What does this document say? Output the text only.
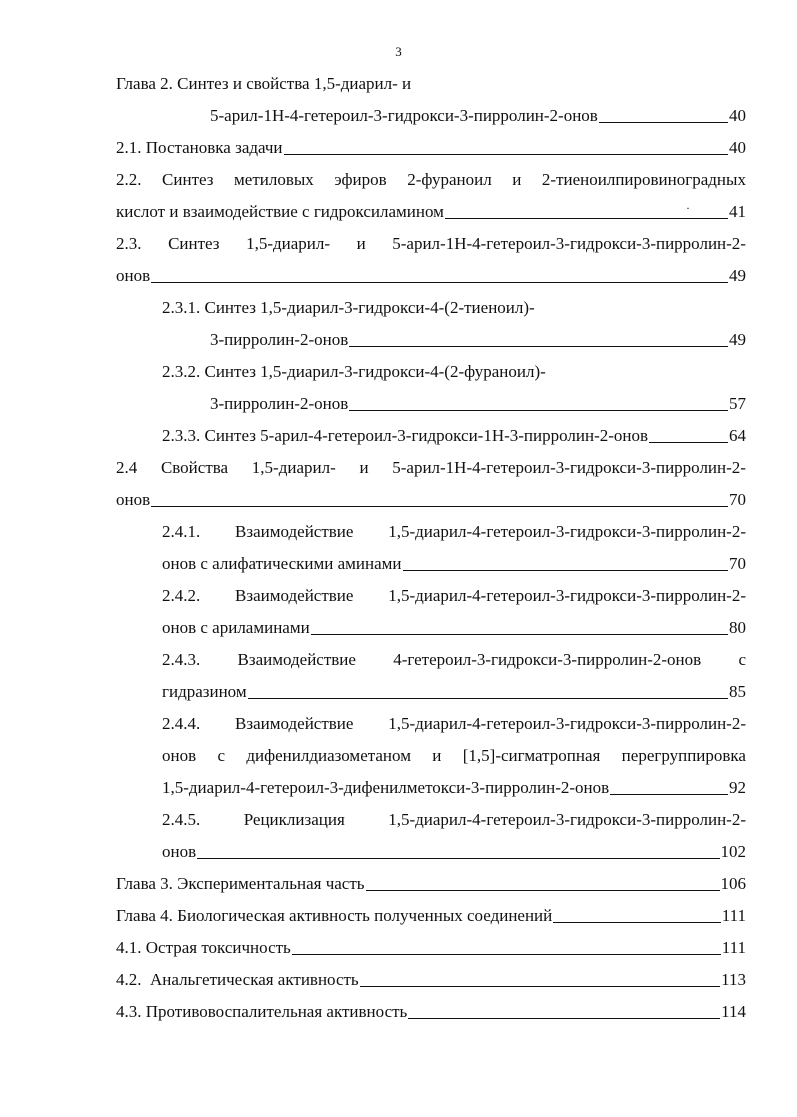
3
Глава 2. Синтез и свойства 1,5-диарил- и
5-арил-1Н-4-гетероил-3-гидрокси-3-пирролин-2-онов	40
2.1. Постановка задачи	40
2.2. Синтез метиловых эфиров 2-фураноил и 2-тиеноилпировиноградных
кислот и взаимодействие с гидроксиламином	· 41
2.3. Синтез 1,5-диарил- и 5-арил-1Н-4-гетероил-3-гидрокси-3-пирролин-2-
онов	49
2.3.1. Синтез 1,5-диарил-3-гидрокси-4-(2-тиеноил)-
3-пирролин-2-онов	49
2.3.2. Синтез 1,5-диарил-3-гидрокси-4-(2-фураноил)-
3-пирролин-2-онов	57
2.3.3. Синтез 5-арил-4-гетероил-3-гидрокси-1Н-3-пирролин-2-онов	64
2.4 Свойства 1,5-диарил- и 5-арил-1Н-4-гетероил-3-гидрокси-3-пирролин-2-
онов	70
2.4.1. Взаимодействие 1,5-диарил-4-гетероил-3-гидрокси-3-пирролин-2-
онов с алифатическими аминами	70
2.4.2. Взаимодействие 1,5-диарил-4-гетероил-3-гидрокси-3-пирролин-2-
онов с ариламинами	80
2.4.3. Взаимодействие 4-гетероил-3-гидрокси-3-пирролин-2-онов с
гидразином	85
2.4.4. Взаимодействие 1,5-диарил-4-гетероил-3-гидрокси-3-пирролин-2-
онов с дифенилдиазометаном и [1,5]-сигматропная перегруппировка
1,5-диарил-4-гетероил-3-дифенилметокси-3-пирролин-2-онов	92
2.4.5.	Рециклизация	1,5-диарил-4-гетероил-3-гидрокси-3-пирролин-2-
онов	102
Глава 3. Экспериментальная часть	106
Глава 4. Биологическая активность полученных соединений	111
4.1. Острая токсичность	111
4.2.  Анальгетическая активность	113
4.3. Противовоспалительная активность	114
